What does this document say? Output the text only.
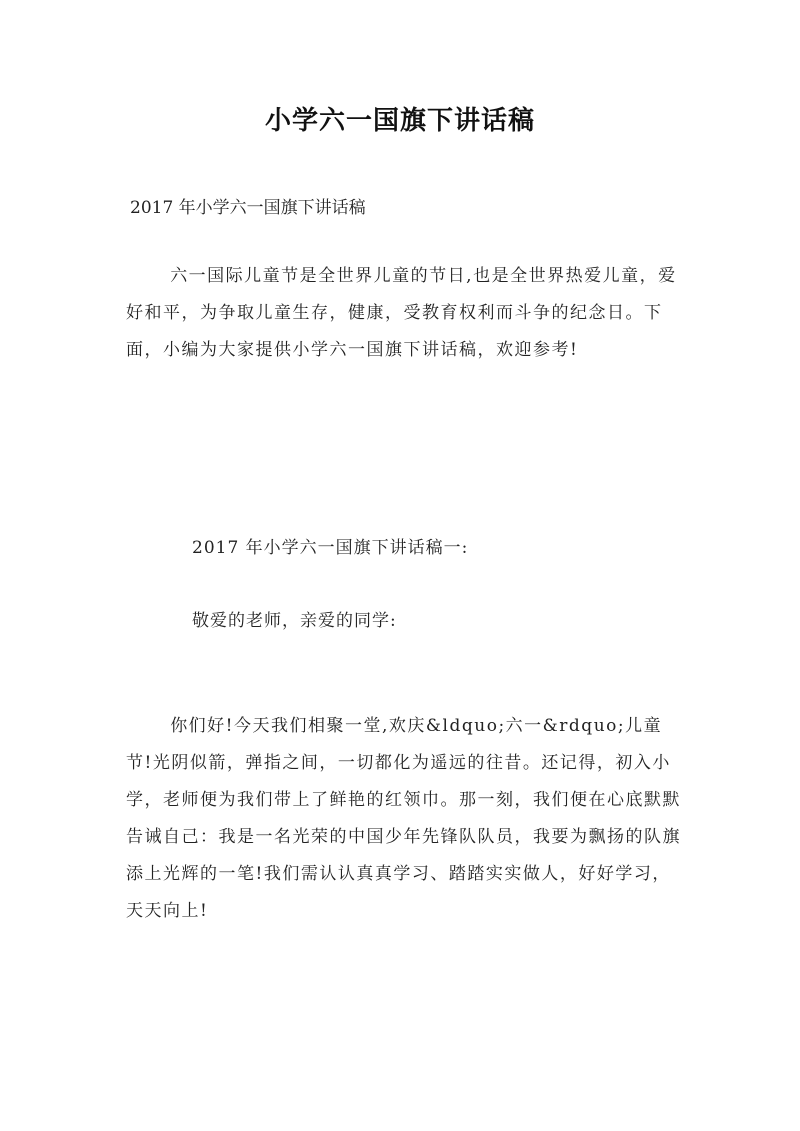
小学六一国旗下讲话稿

2017 年小学六一国旗下讲话稿

六一国际儿童节是全世界儿童的节日,也是全世界热爱儿童，爱好和平，为争取儿童生存，健康，受教育权利而斗争的纪念日。下面，小编为大家提供小学六一国旗下讲话稿，欢迎参考!

2017 年小学六一国旗下讲话稿一:

敬爱的老师，亲爱的同学:

你们好!今天我们相聚一堂,欢庆&ldquo;六一&rdquo;儿童节!光阴似箭，弹指之间，一切都化为遥远的往昔。还记得，初入小学，老师便为我们带上了鲜艳的红领巾。那一刻，我们便在心底默默告诫自己：我是一名光荣的中国少年先锋队队员，我要为飘扬的队旗添上光辉的一笔!我们需认认真真学习、踏踏实实做人，好好学习，天天向上!
